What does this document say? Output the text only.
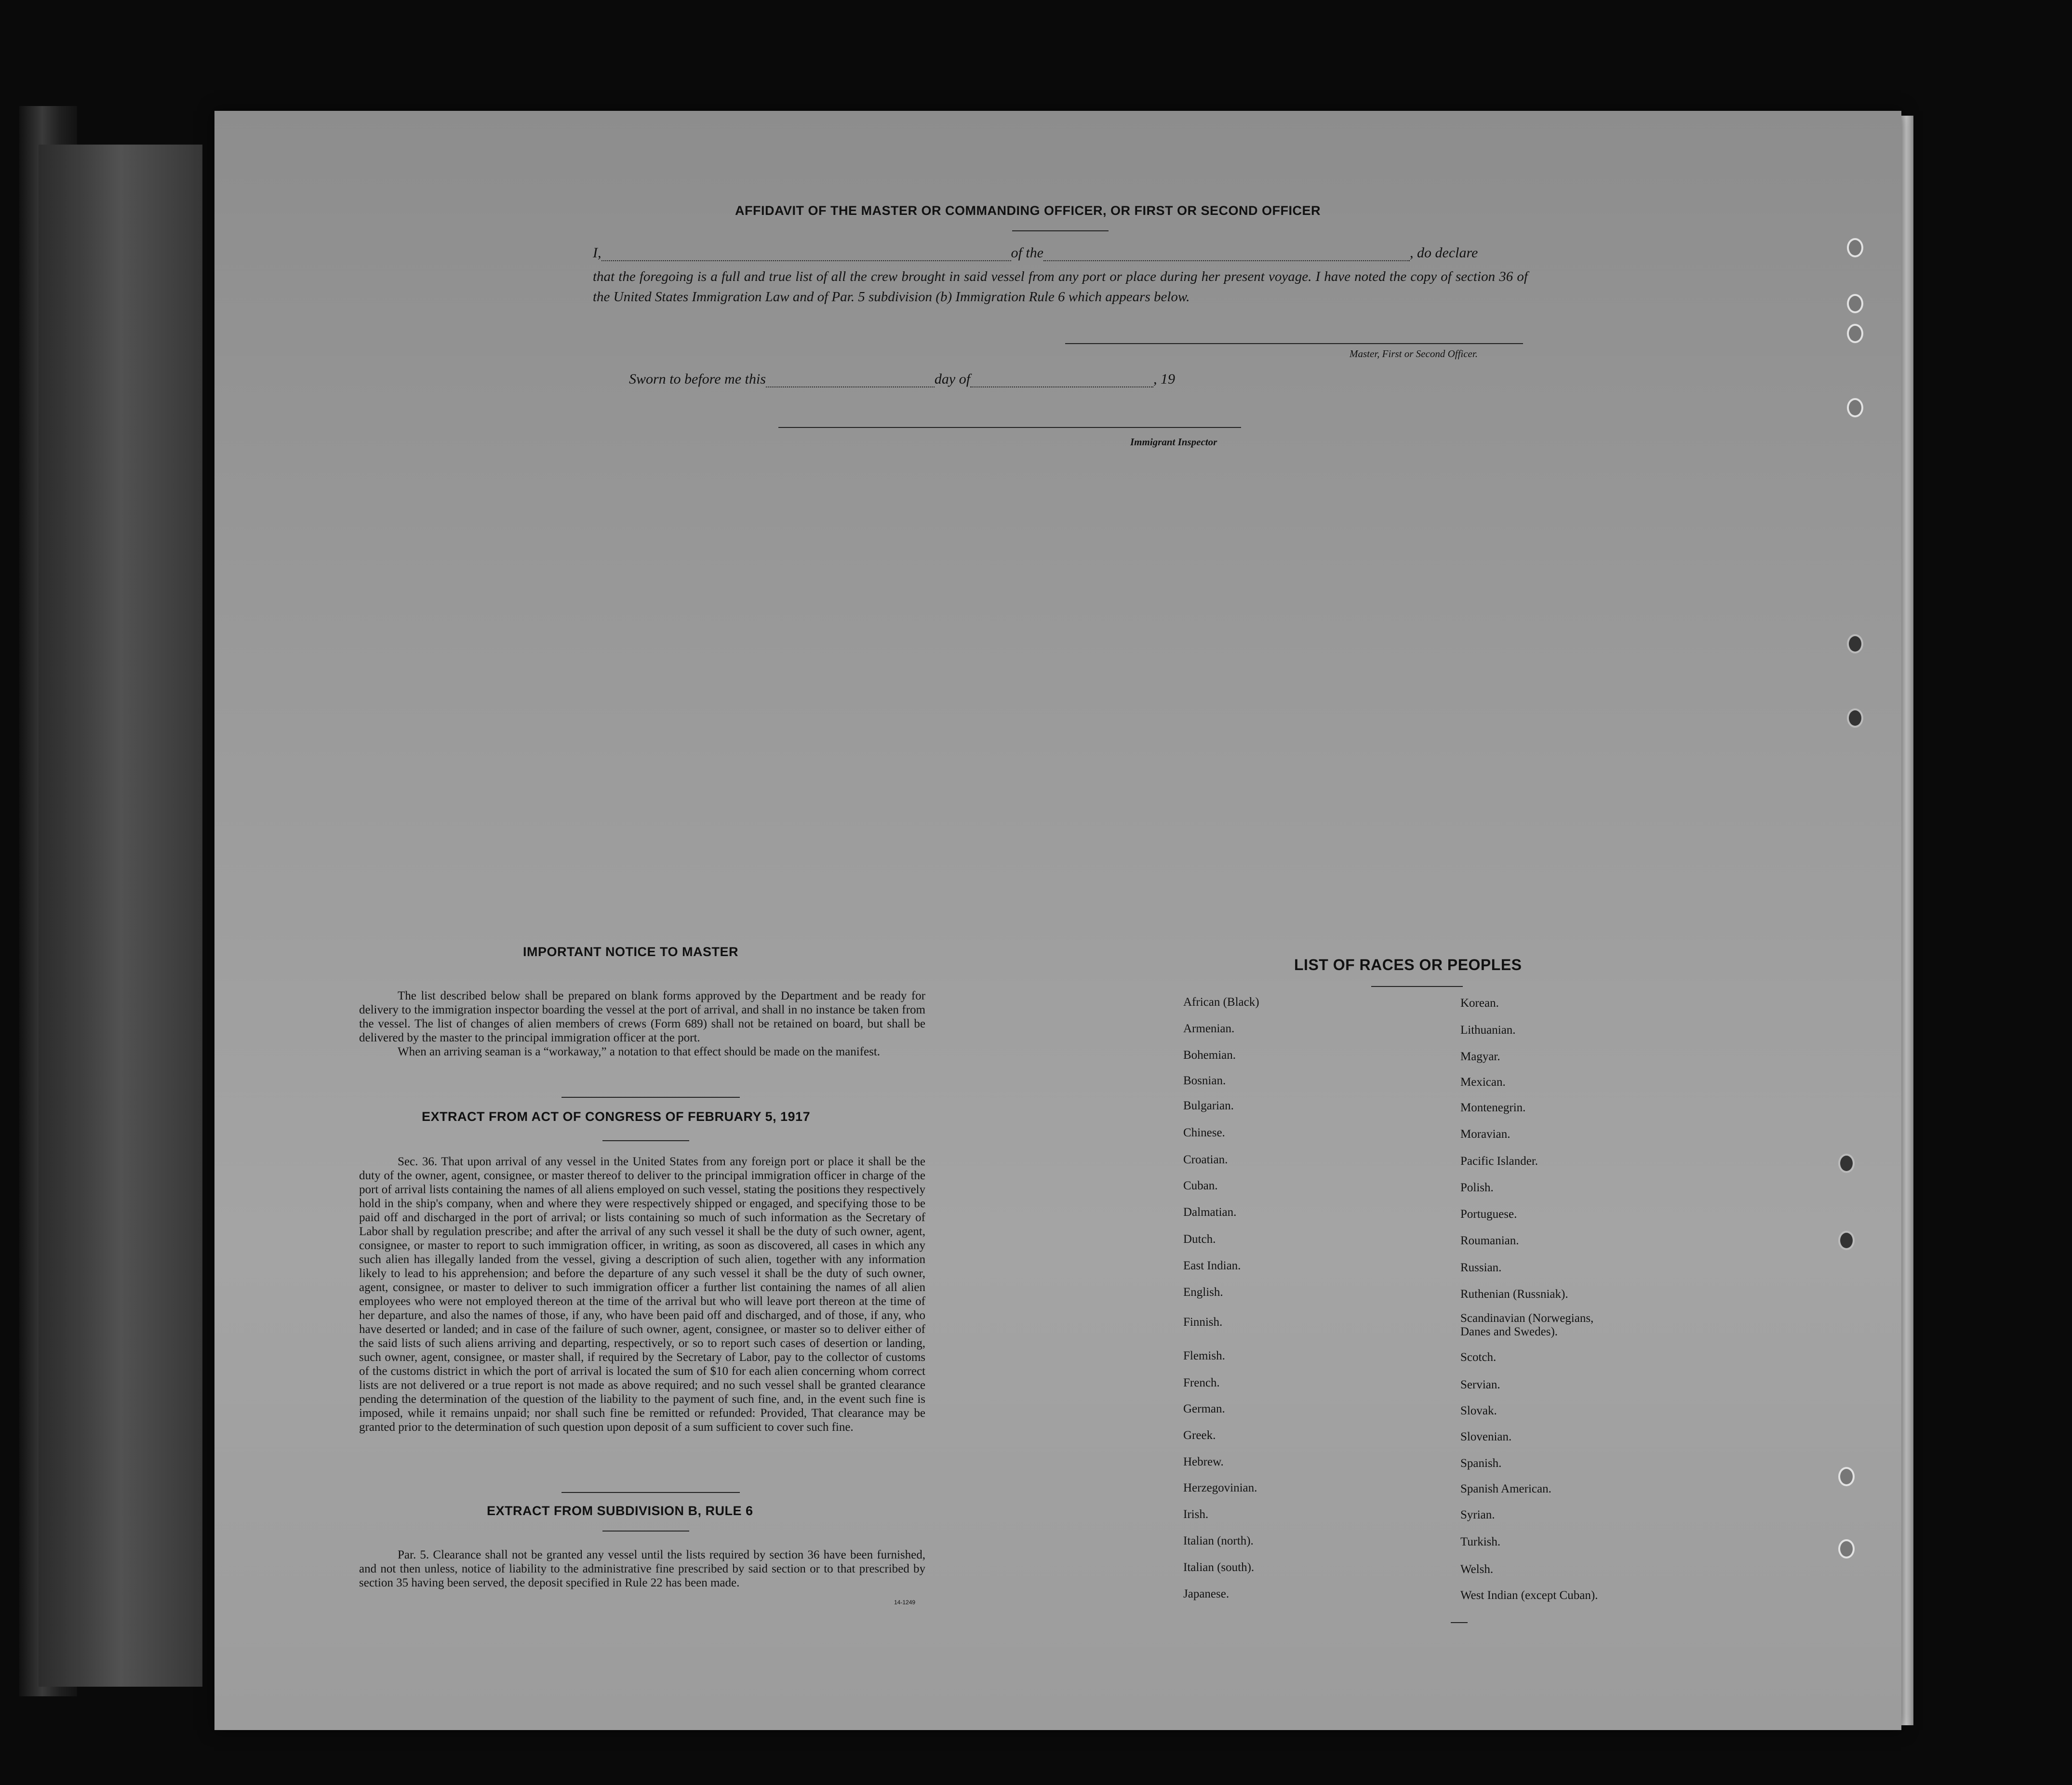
AFFIDAVIT OF THE MASTER OR COMMANDING OFFICER, OR FIRST OR SECOND OFFICER
I,	of the	, do declare
that the foregoing is a full and true list of all the crew brought in said vessel from any port or place during her present voyage. I have noted the copy of section 36 of the United States Immigration Law and of Par. 5 subdivision (b) Immigration Rule 6 which appears below.
Master, First or Second Officer.
Sworn to before me this	day of	, 19
Immigrant Inspector
IMPORTANT NOTICE TO MASTER
The list described below shall be prepared on blank forms approved by the Department and be ready for delivery to the immigration inspector boarding the vessel at the port of arrival, and shall in no instance be taken from the vessel. The list of changes of alien members of crews (Form 689) shall not be retained on board, but shall be delivered by the master to the principal immigration officer at the port.
When an arriving seaman is a “workaway,” a notation to that effect should be made on the manifest.
EXTRACT FROM ACT OF CONGRESS OF FEBRUARY 5, 1917
Sec. 36. That upon arrival of any vessel in the United States from any foreign port or place it shall be the duty of the owner, agent, consignee, or master thereof to deliver to the principal immigration officer in charge of the port of arrival lists containing the names of all aliens employed on such vessel, stating the positions they respectively hold in the ship's company, when and where they were respectively shipped or engaged, and specifying those to be paid off and discharged in the port of arrival; or lists containing so much of such information as the Secretary of Labor shall by regulation prescribe; and after the arrival of any such vessel it shall be the duty of such owner, agent, consignee, or master to report to such immigration officer, in writing, as soon as discovered, all cases in which any such alien has illegally landed from the vessel, giving a description of such alien, together with any information likely to lead to his apprehension; and before the departure of any such vessel it shall be the duty of such owner, agent, consignee, or master to deliver to such immigration officer a further list containing the names of all alien employees who were not employed thereon at the time of the arrival but who will leave port thereon at the time of her departure, and also the names of those, if any, who have been paid off and discharged, and of those, if any, who have deserted or landed; and in case of the failure of such owner, agent, consignee, or master so to deliver either of the said lists of such aliens arriving and departing, respectively, or so to report such cases of desertion or landing, such owner, agent, consignee, or master shall, if required by the Secretary of Labor, pay to the collector of customs of the customs district in which the port of arrival is located the sum of $10 for each alien concerning whom correct lists are not delivered or a true report is not made as above required; and no such vessel shall be granted clearance pending the determination of the question of the liability to the payment of such fine, and, in the event such fine is imposed, while it remains unpaid; nor shall such fine be remitted or refunded: Provided, That clearance may be granted prior to the determination of such question upon deposit of a sum sufficient to cover such fine.
EXTRACT FROM SUBDIVISION B, RULE 6
Par. 5. Clearance shall not be granted any vessel until the lists required by section 36 have been furnished, and not then unless, notice of liability to the administrative fine prescribed by said section or to that prescribed by section 35 having been served, the deposit specified in Rule 22 has been made.
14-1249
LIST OF RACES OR PEOPLES
African (Black)
Armenian.
Bohemian.
Bosnian.
Bulgarian.
Chinese.
Croatian.
Cuban.
Dalmatian.
Dutch.
East Indian.
English.
Finnish.
Flemish.
French.
German.
Greek.
Hebrew.
Herzegovinian.
Irish.
Italian (north).
Italian (south).
Japanese.
Korean.
Lithuanian.
Magyar.
Mexican.
Montenegrin.
Moravian.
Pacific Islander.
Polish.
Portuguese.
Roumanian.
Russian.
Ruthenian (Russniak).
Scandinavian (Norwegians, Danes and Swedes).
Scotch.
Servian.
Slovak.
Slovenian.
Spanish.
Spanish American.
Syrian.
Turkish.
Welsh.
West Indian (except Cuban).
